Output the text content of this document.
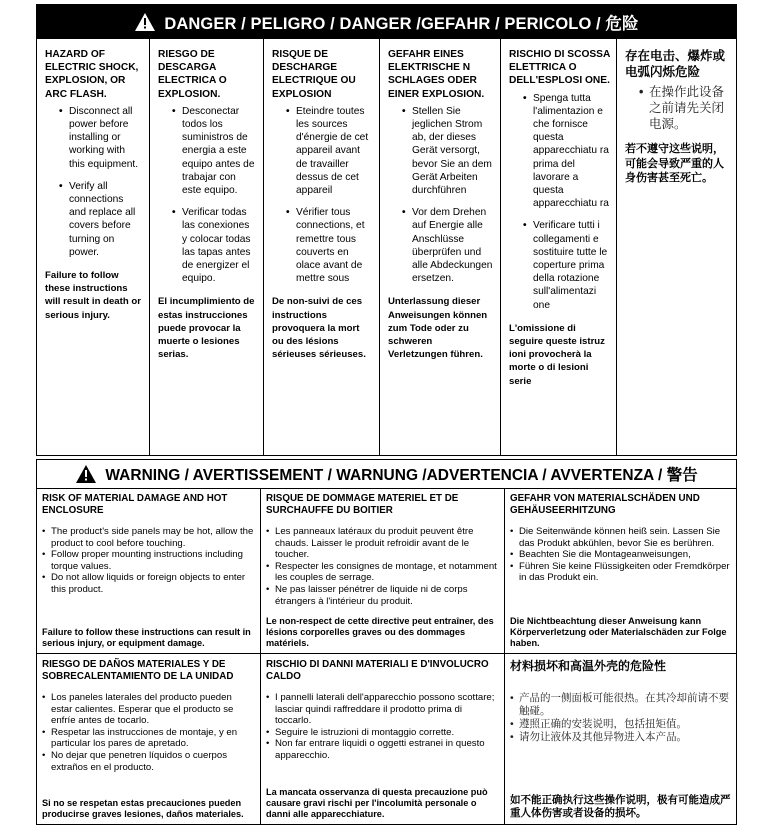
DANGER / PELIGRO / DANGER /GEFAHR / PERICOLO / 危险
HAZARD OF ELECTRIC SHOCK, EXPLOSION, OR ARC FLASH.
• Disconnect all power before installing or working with this equipment.
• Verify all connections and replace all covers before turning on power.
Failure to follow these instructions will result in death or serious injury.
RIESGO DE DESCARGA ELECTRICA O EXPLOSION.
• Desconectar todos los suministros de energia a este equipo antes de trabajar con este equipo.
• Verificar todas las conexiones y colocar todas las tapas antes de energizer el equipo.
El incumplimiento de estas instrucciones puede provocar la muerte o lesiones serias.
RISQUE DE DESCHARGE ELECTRIQUE OU EXPLOSION
• Eteindre toutes les sources d'énergie de cet appareil avant de travailler dessus de cet appareil
• Vérifier tous connections, et remettre tous couverts en olace avant de mettre sous
De non-suivi de ces instructions provoquera la mort ou des lésions sérieuses sérieuses.
GEFAHR EINES ELEKTRISCHE N SCHLAGES ODER EINER EXPLOSION.
• Stellen Sie jeglichen Strom ab, der dieses Gerät versorgt, bevor Sie an dem Gerät Arbeiten durchführen
• Vor dem Drehen auf Energie alle Anschlüsse überprüfen und alle Abdeckungen ersetzen.
Unterlassung dieser Anweisungen können zum Tode oder zu schweren Verletzungen führen.
RISCHIO DI SCOSSA ELETTRICA O DELL'ESPLOSI ONE.
• Spenga tutta l'alimentazion e che fornisce questa apparecchiatu ra prima del lavorare a questa apparecchiatu ra
• Verificare tutti i collegamenti e sostituire tutte le coperture prima della rotazione sull'alimentazi one
L'omissione di seguire queste istruz ioni provocherà la morte o di lesioni serie
存在电击、爆炸或电弧闪烁危险
• 在操作此设备之前请先关闭电源。
若不遵守这些说明，可能会导致严重的人身伤害甚至死亡。
WARNING / AVERTISSEMENT / WARNUNG /ADVERTENCIA / AVVERTENZA / 警告
RISK OF MATERIAL DAMAGE AND HOT ENCLOSURE
• The product's side panels may be hot, allow the product to cool before touching.
• Follow proper mounting instructions including torque values.
• Do not allow liquids or foreign objects to enter this product.
Failure to follow these instructions can result in serious injury, or equipment damage.
RISQUE DE DOMMAGE MATERIEL ET DE SURCHAUFFE DU BOITIER
• Les panneaux latéraux du produit peuvent être chauds. Laisser le produit refroidir avant de le toucher.
• Respecter les consignes de montage, et notamment les couples de serrage.
• Ne pas laisser pénétrer de liquide ni de corps étrangers à l'intérieur du produit.
Le non-respect de cette directive peut entraîner, des lésions corporelles graves ou des dommages matériels.
GEFAHR VON MATERIALSCHÄDEN UND GEHÄUSEERHITZUNG
• Die Seitenwände können heiß sein. Lassen Sie das Produkt abkühlen, bevor Sie es berühren.
• Beachten Sie die Montageanweisungen,
• Führen Sie keine Flüssigkeiten oder Fremdkörper in das Produkt ein.
Die Nichtbeachtung dieser Anweisung kann Körperverletzung oder Materialschäden zur Folge haben.
RIESGO DE DAÑOS MATERIALES Y DE SOBRECALENTAMIENTO DE LA UNIDAD
• Los paneles laterales del producto pueden estar calientes. Esperar que el producto se enfríe antes de tocarlo.
• Respetar las instrucciones de montaje, y en particular los pares de apretado.
• No dejar que penetren líquidos o cuerpos extraños en el producto.
Si no se respetan estas precauciones pueden producirse graves lesiones, daños materiales.
RISCHIO DI DANNI MATERIALI E D'INVOLUCRO CALDO
• I pannelli laterali dell'apparecchio possono scottare; lasciar quindi raffreddare il prodotto prima di toccarlo.
• Seguire le istruzioni di montaggio corrette.
• Non far entrare liquidi o oggetti estranei in questo apparecchio.
La mancata osservanza di questa precauzione può causare gravi rischi per l'incolumità personale o danni alle apparecchiature.
材料损坏和高温外壳的危险性
• 产品的一侧面板可能很热。在其冷却前请不要触碰。
• 遵照正确的安装说明，包括扭矩值。
• 请勿让液体及其他异物进入本产品。
如不能正确执行这些操作说明，极有可能造成严重人体伤害或者设备的损坏。
